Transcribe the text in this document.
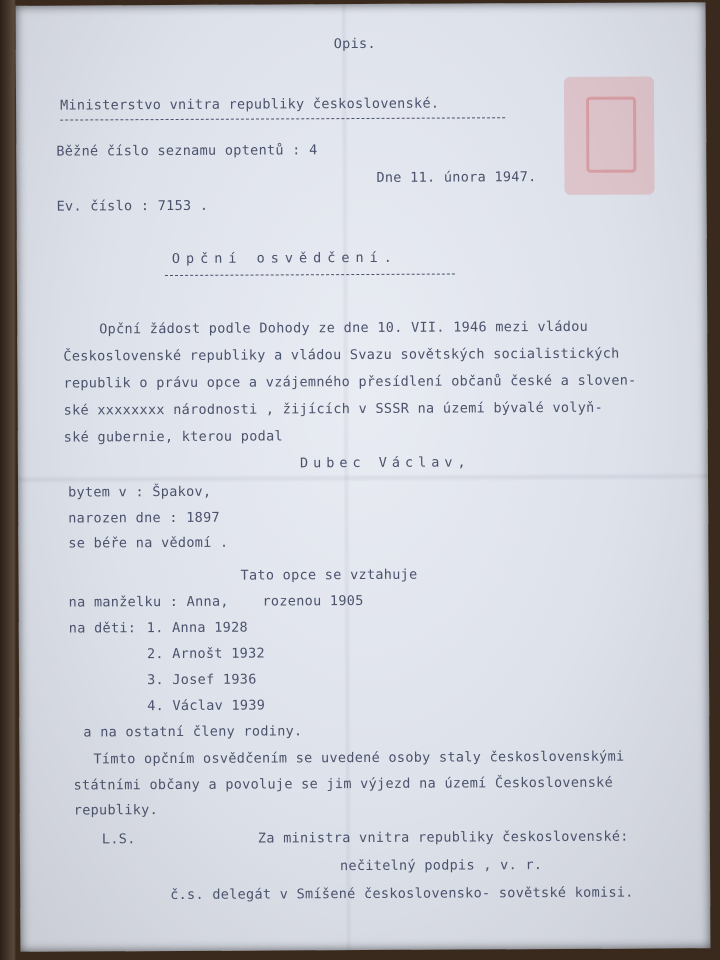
Opis.
Ministerstvo vnitra republiky československé.
Běžné číslo seznamu optentů : 4
Dne 11. února 1947.
Ev. číslo : 7153 .
Opční osvědčení.
Opční žádost podle Dohody ze dne 10. VII. 1946 mezi vládou
Československé republiky a vládou Svazu sovětských socialistických
republik o právu opce a vzájemného přesídlení občanů české a sloven-
ské xxxxxxxx národnosti , žijících v SSSR na území bývalé volyň-
ské gubernie, kterou podal
Dubec Václav,
bytem v : Špakov,
narozen dne : 1897
se béře na vědomí .
Tato opce se vztahuje
na manželku : Anna,    rozenou 1905
na děti: 1. Anna 1928
2. Arnošt 1932
3. Josef 1936
4. Václav 1939
a na ostatní členy rodiny.
Tímto opčním osvědčením se uvedené osoby staly československými
státními občany a povoluje se jim výjezd na území Československé
republiky.
L.S.	Za ministra vnitra republiky československé:
nečitelný podpis , v. r.
č.s. delegát v Smíšené československo- sovětské komisi.
